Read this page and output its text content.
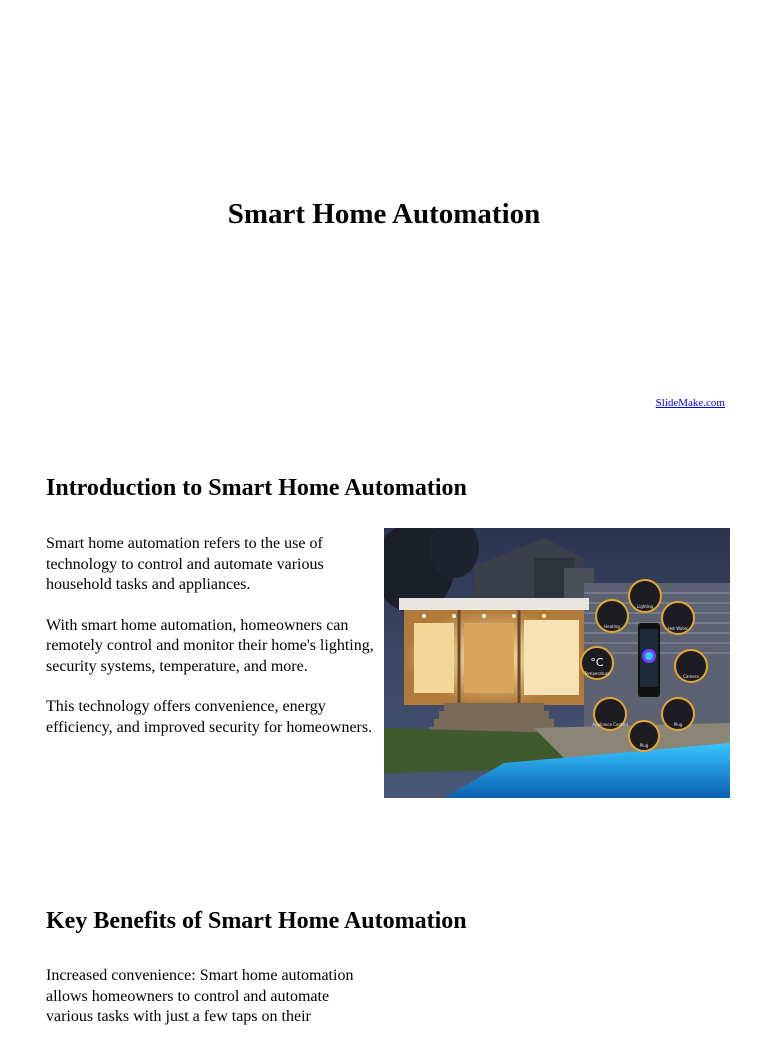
Smart Home Automation
SlideMake.com
Introduction to Smart Home Automation

Smart home automation refers to the use of technology to control and automate various household tasks and appliances.

With smart home automation, homeowners can remotely control and monitor their home's lighting, security systems, temperature, and more.

This technology offers convenience, energy efficiency, and improved security for homeowners.

Heating
Lighting
Hot Water
Temperature
Camera
Appliance Control
Plug
Plug
°C
Key Benefits of Smart Home Automation

Increased convenience: Smart home automation allows homeowners to control and automate various tasks with just a few taps on their
